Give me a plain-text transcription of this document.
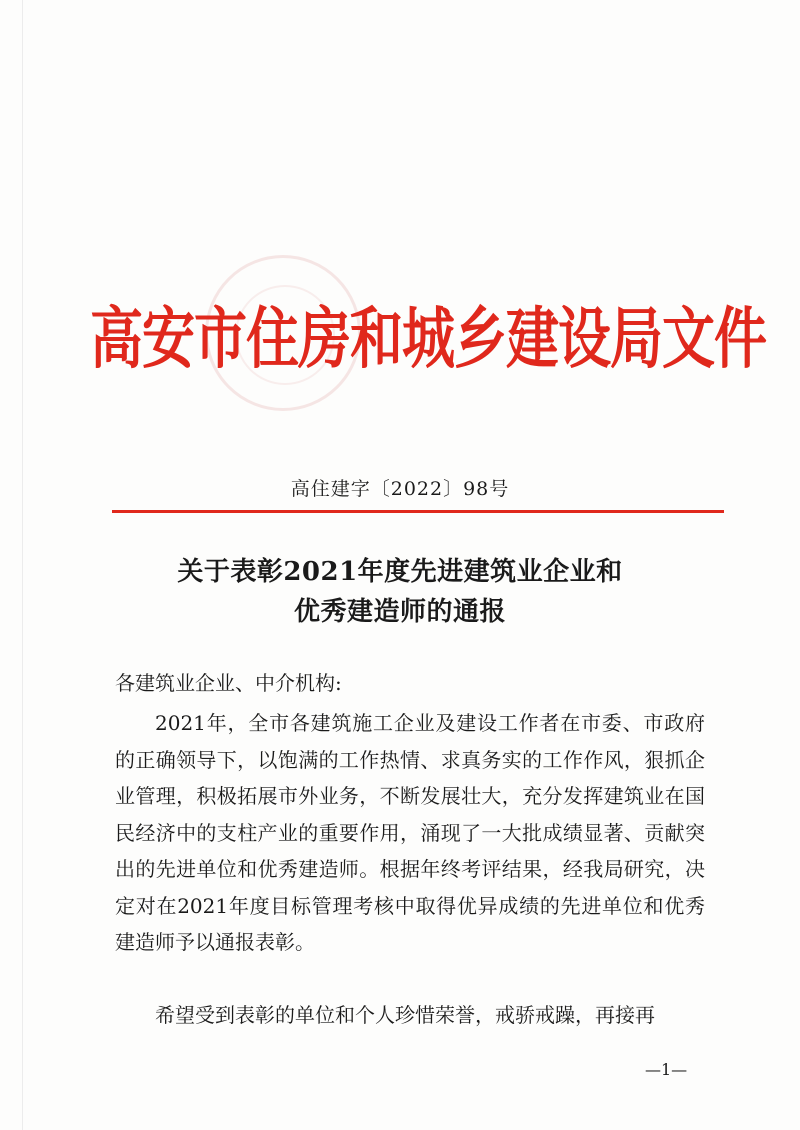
高安市住房和城乡建设局文件
高住建字〔2022〕98号
关于表彰2021年度先进建筑业企业和
优秀建造师的通报
各建筑业企业、中介机构:

2021年，全市各建筑施工企业及建设工作者在市委、市政府的正确领导下，以饱满的工作热情、求真务实的工作作风，狠抓企业管理，积极拓展市外业务，不断发展壮大，充分发挥建筑业在国民经济中的支柱产业的重要作用，涌现了一大批成绩显著、贡献突出的先进单位和优秀建造师。根据年终考评结果，经我局研究，决定对在2021年度目标管理考核中取得优异成绩的先进单位和优秀建造师予以通报表彰。

希望受到表彰的单位和个人珍惜荣誉，戒骄戒躁，再接再

—1—
